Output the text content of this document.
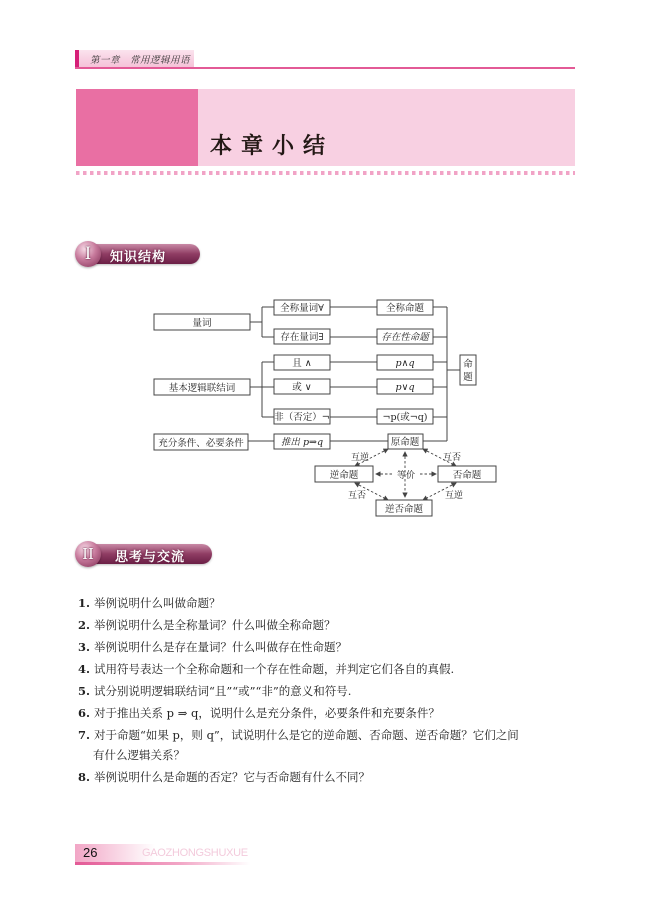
第一章　常用逻辑用语
本章小结
知识结构
I
量词
基本逻辑联结词
充分条件、必要条件
全称量词∀
存在量词∃
且 ∧
或 ∨
非（否定）¬
推出 p⇒q
全称命题
存在性命题
p∧q
p∨q
¬p(或¬q)
原命题
逆命题	否命题
逆否命题
等价
互逆	互否
互否	互逆
命
题
思考与交流
II
1. 举例说明什么叫做命题？
2. 举例说明什么是全称量词？什么叫做全称命题？
3. 举例说明什么是存在量词？什么叫做存在性命题？
4. 试用符号表达一个全称命题和一个存在性命题，并判定它们各自的真假.
5. 试分别说明逻辑联结词“且”“或”“非”的意义和符号.
6. 对于推出关系 p ⇒ q，说明什么是充分条件，必要条件和充要条件？
7. 对于命题“如果 p，则 q”，试说明什么是它的逆命题、否命题、逆否命题？它们之间
有什么逻辑关系？
8. 举例说明什么是命题的否定？它与否命题有什么不同？
26	GAOZHONGSHUXUE
